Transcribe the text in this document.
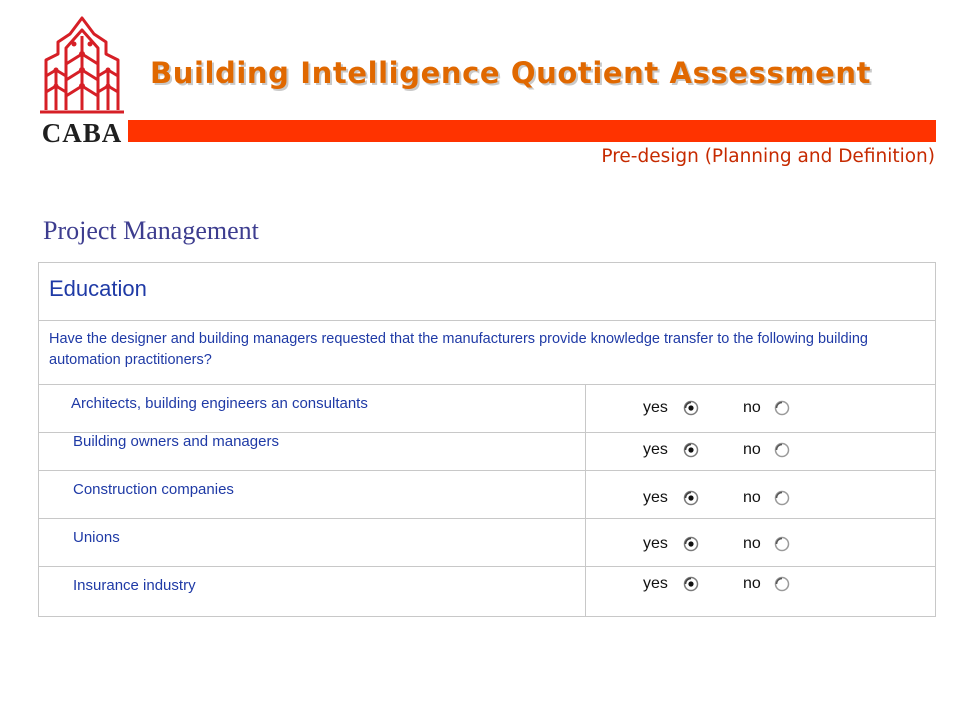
CABA
Building Intelligence Quotient Assessment
Pre-design (Planning and Definition)
Project Management
Education
Have the designer and building managers requested that the manufacturers provide knowledge transfer to the following building automation practitioners?
Architects, building engineers an consultants	yes	no
Building owners and managers	yes	no
Construction companies	yes	no
Unions	yes	no
Insurance industry	yes	no
